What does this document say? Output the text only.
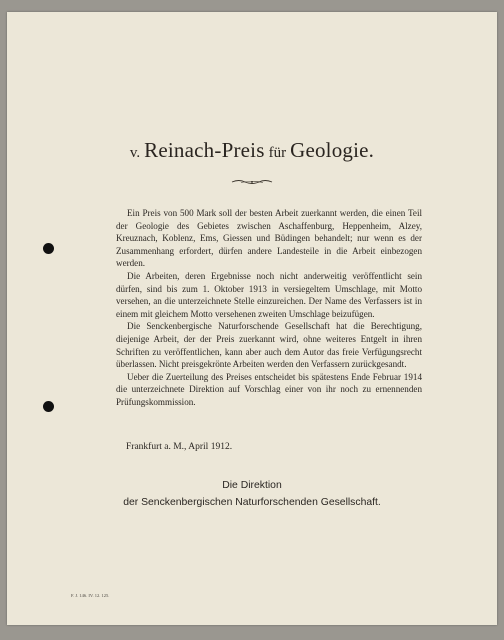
v. Reinach-Preis für Geologie.

Ein Preis von 500 Mark soll der besten Arbeit zuerkannt werden, die einen Teil der Geologie des Gebietes zwischen Aschaffenburg, Heppenheim, Alzey, Kreuznach, Koblenz, Ems, Giessen und Büdingen behandelt; nur wenn es der Zusammenhang erfordert, dürfen andere Landesteile in die Arbeit einbezogen werden.

Die Arbeiten, deren Ergebnisse noch nicht anderweitig veröffentlicht sein dürfen, sind bis zum 1. Oktober 1913 in versiegeltem Umschlage, mit Motto versehen, an die unterzeichnete Stelle einzureichen. Der Name des Verfassers ist in einem mit gleichem Motto versehenen zweiten Umschlage beizufügen.

Die Senckenbergische Naturforschende Gesellschaft hat die Berechtigung, diejenige Arbeit, der der Preis zuerkannt wird, ohne weiteres Entgelt in ihren Schriften zu veröffentlichen, kann aber auch dem Autor das freie Verfügungsrecht überlassen. Nicht preisgekrönte Arbeiten werden den Verfassern zurückgesandt.

Ueber die Zuerteilung des Preises entscheidet bis spätestens Ende Februar 1914 die unterzeichnete Direktion auf Vorschlag einer von ihr noch zu ernennenden Prüfungskommission.

Frankfurt a. M., April 1912.
Die Direktion
der Senckenbergischen Naturforschenden Gesellschaft.
F. J. 146. IV. 12. 125.
